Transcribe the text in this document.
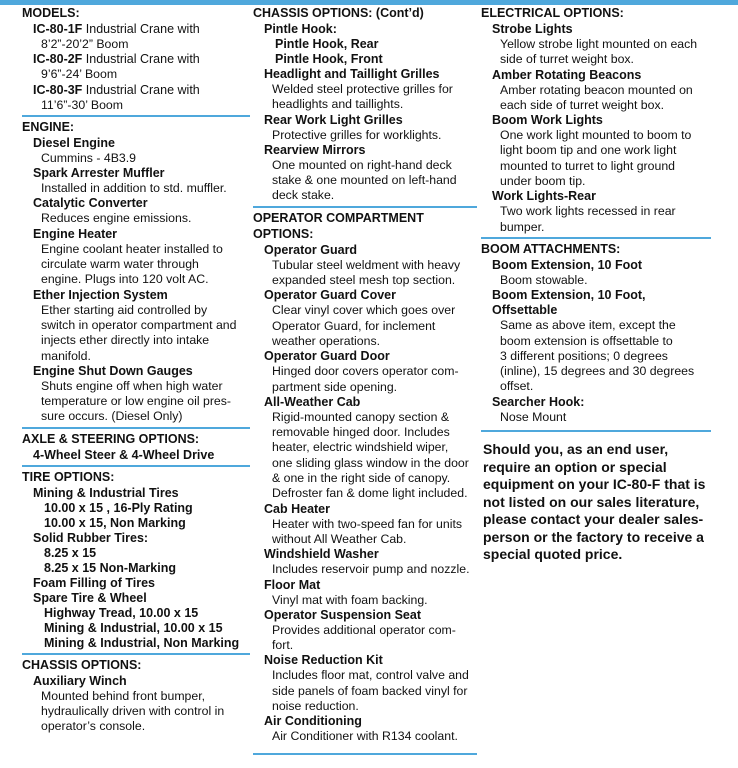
MODELS:
IC-80-1F Industrial Crane with
8’2”-20’2” Boom
IC-80-2F Industrial Crane with
9’6”-24’ Boom
IC-80-3F Industrial Crane with
11’6”-30’ Boom
ENGINE:
Diesel Engine
Cummins - 4B3.9
Spark Arrester Muffler
Installed in addition to std. muffler.
Catalytic Converter
Reduces engine emissions.
Engine Heater
Engine coolant heater installed to
circulate warm water through
engine. Plugs into 120 volt AC.
Ether Injection System
Ether starting aid controlled by
switch in operator compartment and
injects ether directly into intake
manifold.
Engine Shut Down Gauges
Shuts engine off when high water
temperature or low engine oil pres-
sure occurs. (Diesel Only)
AXLE & STEERING OPTIONS:
4-Wheel Steer & 4-Wheel Drive
TIRE OPTIONS:
Mining & Industrial Tires
10.00 x 15 , 16-Ply Rating
10.00 x 15, Non Marking
Solid Rubber Tires:
8.25 x 15
8.25 x 15 Non-Marking
Foam Filling of Tires
Spare Tire & Wheel
Highway Tread, 10.00 x 15
Mining & Industrial, 10.00 x 15
Mining & Industrial, Non Marking
CHASSIS OPTIONS:
Auxiliary Winch
Mounted behind front bumper,
hydraulically driven with control in
operator’s console.
CHASSIS OPTIONS: (Cont’d)
Pintle Hook:
Pintle Hook, Rear
Pintle Hook, Front
Headlight and Taillight Grilles
Welded steel protective grilles for
headlights and taillights.
Rear Work Light Grilles
Protective grilles for worklights.
Rearview Mirrors
One mounted on right-hand deck
stake & one mounted on left-hand
deck stake.
OPERATOR COMPARTMENT
OPTIONS:
Operator Guard
Tubular steel weldment with heavy
expanded steel mesh top section.
Operator Guard Cover
Clear vinyl cover which goes over
Operator Guard, for inclement
weather operations.
Operator Guard Door
Hinged door covers operator com-
partment side opening.
All-Weather Cab
Rigid-mounted canopy section &
removable hinged door. Includes
heater, electric windshield wiper,
one sliding glass window in the door
& one in the right side of canopy.
Defroster fan & dome light included.
Cab Heater
Heater with two-speed fan for units
without All Weather Cab.
Windshield Washer
Includes reservoir pump and nozzle.
Floor Mat
Vinyl mat with foam backing.
Operator Suspension Seat
Provides additional operator com-
fort.
Noise Reduction Kit
Includes floor mat, control valve and
side panels of foam backed vinyl for
noise reduction.
Air Conditioning
Air Conditioner with R134 coolant.
ELECTRICAL OPTIONS:
Strobe Lights
Yellow strobe light mounted on each
side of turret weight box.
Amber Rotating Beacons
Amber rotating beacon mounted on
each side of turret weight box.
Boom Work Lights
One work light mounted to boom to
light boom tip and one work light
mounted to turret to light ground
under boom tip.
Work Lights-Rear
Two work lights recessed in rear
bumper.
BOOM ATTACHMENTS:
Boom Extension, 10 Foot
Boom stowable.
Boom Extension, 10 Foot,
Offsettable
Same as above item, except the
boom extension is offsettable to
3 different positions; 0 degrees
(inline), 15 degrees and 30 degrees
offset.
Searcher Hook:
Nose Mount
Should you, as an end user,
require an option or special
equipment on your IC-80-F that is
not listed on our sales literature,
please contact your dealer sales-
person or the factory to receive a
special quoted price.
